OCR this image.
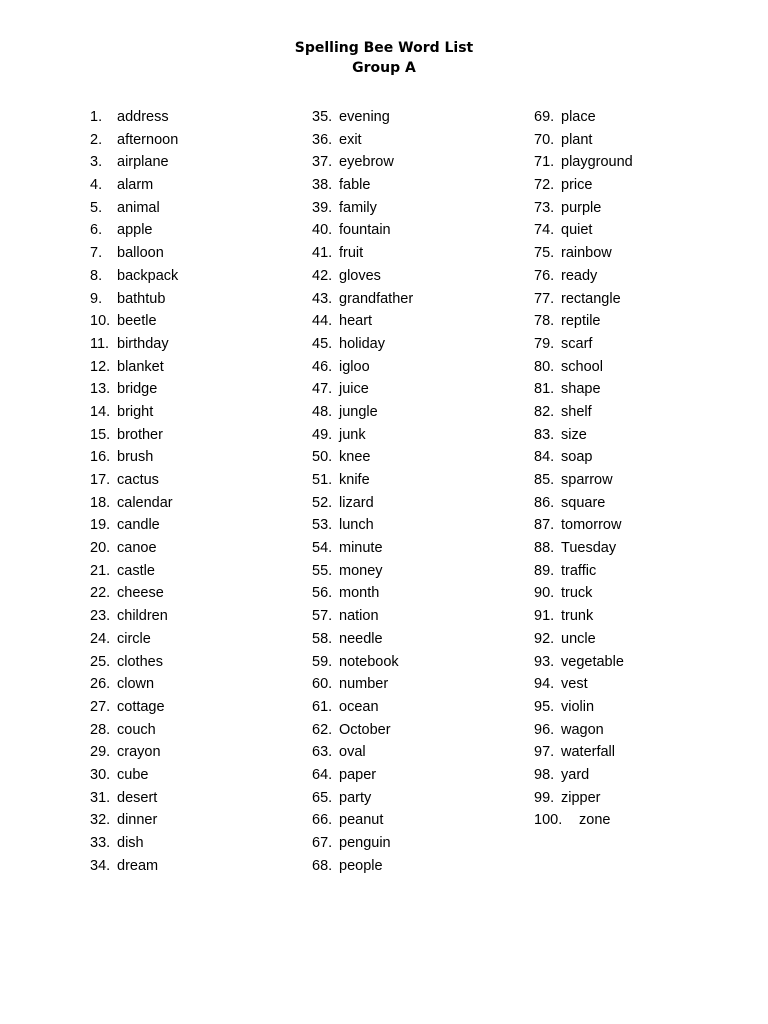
Spelling Bee Word List
Group A
1.	address
2.	afternoon
3.	airplane
4.	alarm
5.	animal
6.	apple
7.	balloon
8.	backpack
9.	bathtub
10. beetle
11. birthday
12. blanket
13. bridge
14. bright
15. brother
16. brush
17. cactus
18. calendar
19. candle
20. canoe
21. castle
22. cheese
23. children
24. circle
25. clothes
26. clown
27. cottage
28. couch
29. crayon
30. cube
31. desert
32. dinner
33. dish
34. dream
35. evening
36. exit
37. eyebrow
38. fable
39. family
40. fountain
41. fruit
42. gloves
43. grandfather
44. heart
45. holiday
46. igloo
47. juice
48. jungle
49. junk
50. knee
51. knife
52. lizard
53. lunch
54. minute
55. money
56. month
57. nation
58. needle
59. notebook
60. number
61. ocean
62. October
63. oval
64. paper
65. party
66. peanut
67. penguin
68. people
69. place
70. plant
71. playground
72. price
73. purple
74. quiet
75. rainbow
76. ready
77. rectangle
78. reptile
79. scarf
80. school
81. shape
82. shelf
83. size
84. soap
85. sparrow
86. square
87. tomorrow
88. Tuesday
89. traffic
90. truck
91. trunk
92. uncle
93. vegetable
94. vest
95. violin
96. wagon
97. waterfall
98. yard
99. zipper
100.	zone
